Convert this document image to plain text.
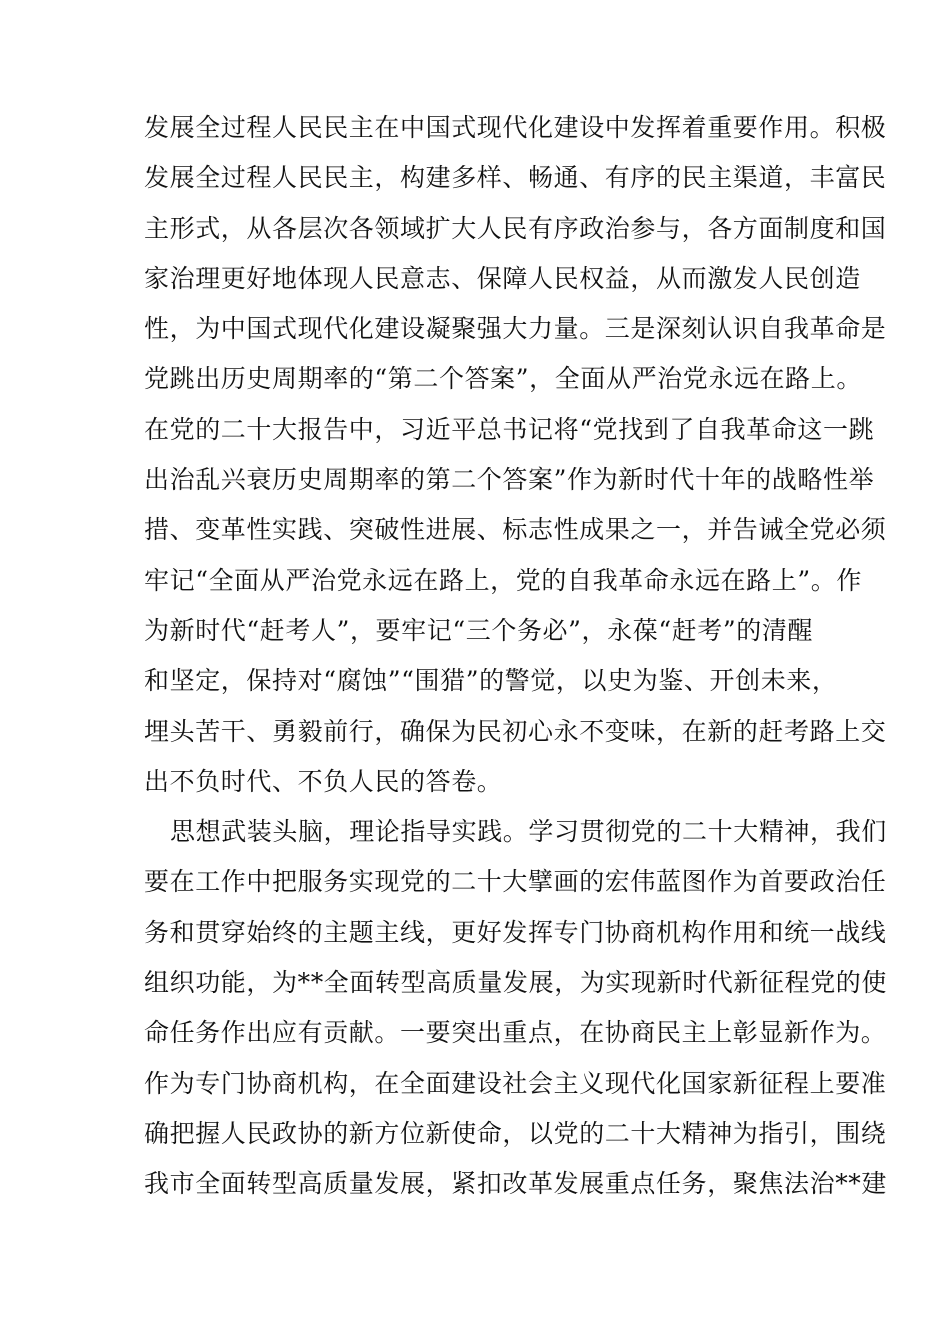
发展全过程人民民主在中国式现代化建设中发挥着重要作用。积极
发展全过程人民民主，构建多样、畅通、有序的民主渠道，丰富民
主形式，从各层次各领域扩大人民有序政治参与，各方面制度和国
家治理更好地体现人民意志、保障人民权益，从而激发人民创造
性，为中国式现代化建设凝聚强大力量。三是深刻认识自我革命是
党跳出历史周期率的“第二个答案”，全面从严治党永远在路上。
在党的二十大报告中，习近平总书记将“党找到了自我革命这一跳
出治乱兴衰历史周期率的第二个答案”作为新时代十年的战略性举
措、变革性实践、突破性进展、标志性成果之一，并告诫全党必须
牢记“全面从严治党永远在路上，党的自我革命永远在路上”。作
为新时代“赶考人”，要牢记“三个务必”，永葆“赶考”的清醒
和坚定，保持对“腐蚀”“围猎”的警觉，以史为鉴、开创未来，
埋头苦干、勇毅前行，确保为民初心永不变味，在新的赶考路上交
出不负时代、不负人民的答卷。
思想武装头脑，理论指导实践。学习贯彻党的二十大精神，我们
要在工作中把服务实现党的二十大擘画的宏伟蓝图作为首要政治任
务和贯穿始终的主题主线，更好发挥专门协商机构作用和统一战线
组织功能，为**全面转型高质量发展，为实现新时代新征程党的使
命任务作出应有贡献。一要突出重点，在协商民主上彰显新作为。
作为专门协商机构，在全面建设社会主义现代化国家新征程上要准
确把握人民政协的新方位新使命，以党的二十大精神为指引，围绕
我市全面转型高质量发展，紧扣改革发展重点任务，聚焦法治**建
